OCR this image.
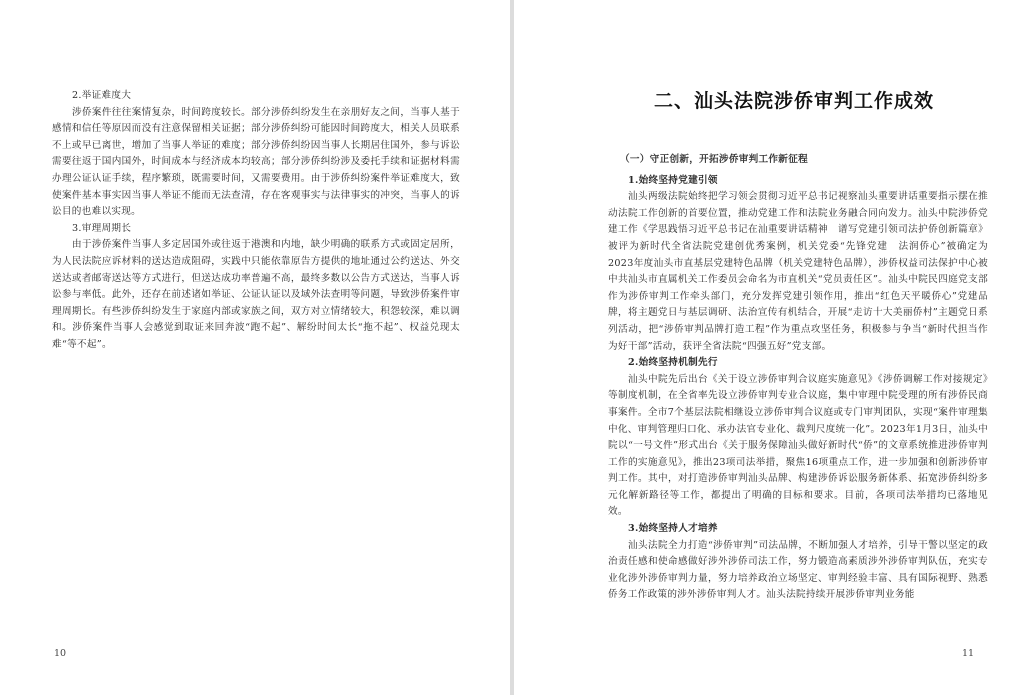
2.举证难度大

涉侨案件往往案情复杂，时间跨度较长。部分涉侨纠纷发生在亲朋好友之间，当事人基于感情和信任等原因而没有注意保留相关证据；部分涉侨纠纷可能因时间跨度大，相关人员联系不上或早已离世，增加了当事人举证的难度；部分涉侨纠纷因当事人长期居住国外，参与诉讼需要往返于国内国外，时间成本与经济成本均较高；部分涉侨纠纷涉及委托手续和证据材料需办理公证认证手续，程序繁琐，既需要时间，又需要费用。由于涉侨纠纷案件举证难度大，致使案件基本事实因当事人举证不能而无法查清，存在客观事实与法律事实的冲突，当事人的诉讼目的也难以实现。

3.审理周期长

由于涉侨案件当事人多定居国外或往返于港澳和内地，缺少明确的联系方式或固定居所，为人民法院应诉材料的送达造成阻碍，实践中只能依靠原告方提供的地址通过公约送达、外交送达或者邮寄送达等方式进行，但送达成功率普遍不高，最终多数以公告方式送达，当事人诉讼参与率低。此外，还存在前述诸如举证、公证认证以及域外法查明等问题，导致涉侨案件审理周期长。有些涉侨纠纷发生于家庭内部或家族之间，双方对立情绪较大，积怨较深，难以调和。涉侨案件当事人会感觉到取证来回奔波“跑不起”、解纷时间太长“拖不起”、权益兑现太难“等不起”。

10
二、汕头法院涉侨审判工作成效

（一）守正创新，开拓涉侨审判工作新征程

1.始终坚持党建引领

汕头两级法院始终把学习领会贯彻习近平总书记视察汕头重要讲话重要指示摆在推动法院工作创新的首要位置，推动党建工作和法院业务融合同向发力。汕头中院涉侨党建工作《学思践悟习近平总书记在汕重要讲话精神　谱写党建引领司法护侨创新篇章》被评为新时代全省法院党建创优秀案例，机关党委“先锋党建　法润侨心”被确定为2023年度汕头市直基层党建特色品牌（机关党建特色品牌），涉侨权益司法保护中心被中共汕头市直属机关工作委员会命名为市直机关“党员责任区”。汕头中院民四庭党支部作为涉侨审判工作牵头部门，充分发挥党建引领作用，推出“红色天平暖侨心”党建品牌，将主题党日与基层调研、法治宣传有机结合，开展“走访十大美丽侨村”主题党日系列活动，把“涉侨审判品牌打造工程”作为重点攻坚任务，积极参与争当“新时代担当作为好干部”活动，获评全省法院“四强五好”党支部。

2.始终坚持机制先行

汕头中院先后出台《关于设立涉侨审判合议庭实施意见》《涉侨调解工作对接规定》等制度机制，在全省率先设立涉侨审判专业合议庭，集中审理中院受理的所有涉侨民商事案件。全市7个基层法院相继设立涉侨审判合议庭或专门审判团队，实现“案件审理集中化、审判管理归口化、承办法官专业化、裁判尺度统一化”。2023年1月3日，汕头中院以“一号文件”形式出台《关于服务保障汕头做好新时代“侨”的文章系统推进涉侨审判工作的实施意见》，推出23项司法举措，聚焦16项重点工作，进一步加强和创新涉侨审判工作。其中，对打造涉侨审判汕头品牌、构建涉侨诉讼服务新体系、拓宽涉侨纠纷多元化解新路径等工作，都提出了明确的目标和要求。目前，各项司法举措均已落地见效。

3.始终坚持人才培养

汕头法院全力打造“涉侨审判”司法品牌，不断加强人才培养，引导干警以坚定的政治责任感和使命感做好涉外涉侨司法工作，努力锻造高素质涉外涉侨审判队伍，充实专业化涉外涉侨审判力量，努力培养政治立场坚定、审判经验丰富、具有国际视野、熟悉侨务工作政策的涉外涉侨审判人才。汕头法院持续开展涉侨审判业务能

11
